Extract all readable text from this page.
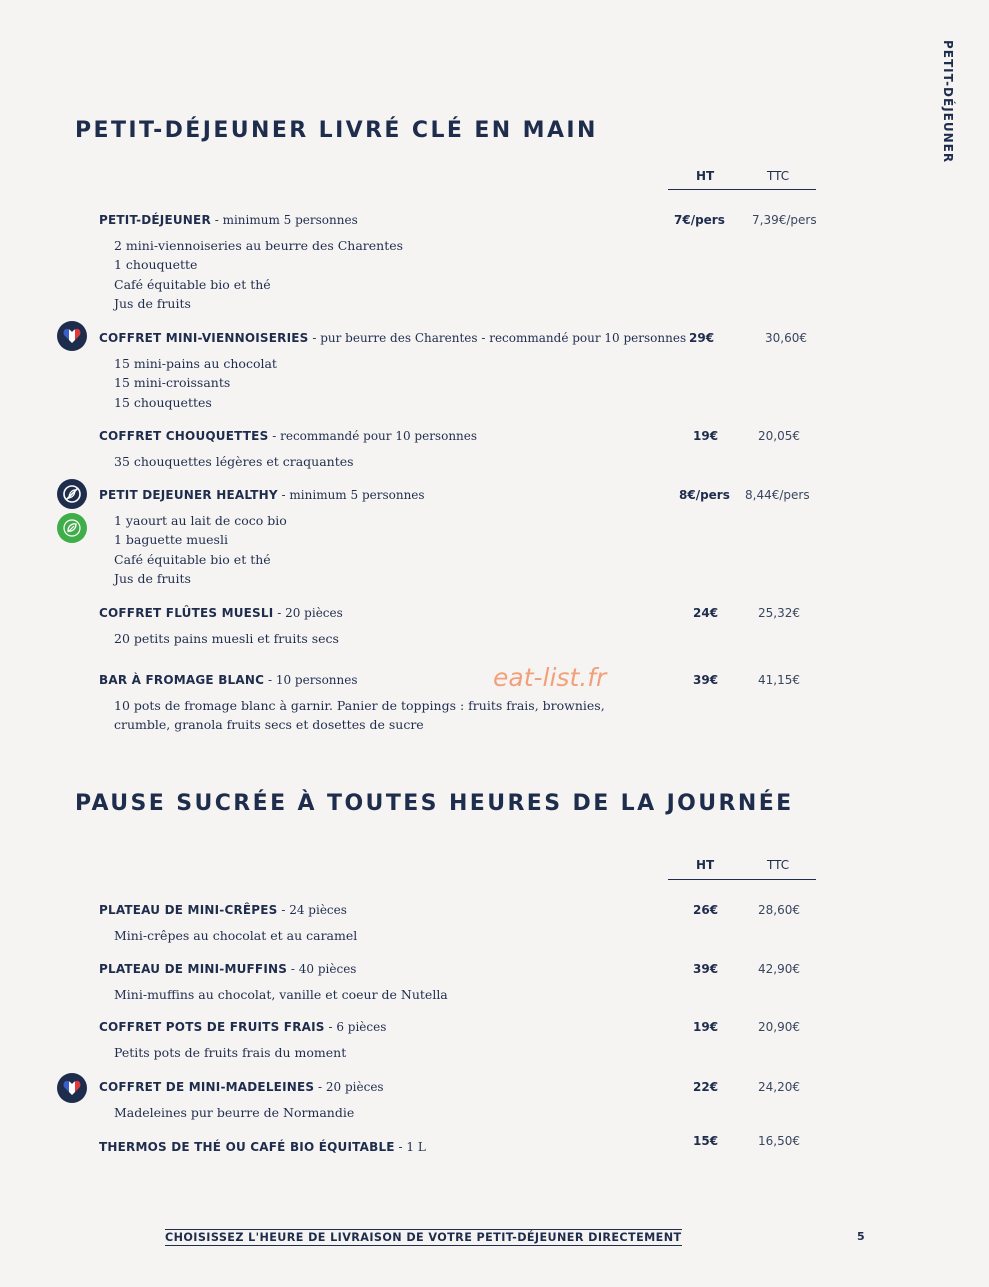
PETIT-DÉJEUNER
PETIT-DÉJEUNER LIVRÉ CLÉ EN MAIN
HT	TTC
PETIT-DÉJEUNER - minimum 5 personnes	7€/pers 7,39€/pers
2 mini-viennoiseries au beurre des Charentes
1 chouquette
Café équitable bio et thé
Jus de fruits
COFFRET MINI-VIENNOISERIES - pur beurre des Charentes - recommandé pour 10 personnes 29€	30,60€
15 mini-pains au chocolat
15 mini-croissants
15 chouquettes
COFFRET CHOUQUETTES - recommandé pour 10 personnes	19€	20,05€
35 chouquettes légères et craquantes
PETIT DEJEUNER HEALTHY - minimum 5 personnes	8€/pers 8,44€/pers
1 yaourt au lait de coco bio
1 baguette muesli
Café équitable bio et thé
Jus de fruits
COFFRET FLÛTES MUESLI - 20 pièces	24€	25,32€
20 petits pains muesli et fruits secs
BAR À FROMAGE BLANC - 10 personnes	39€	41,15€
10 pots de fromage blanc à garnir. Panier de toppings : fruits frais, brownies,
crumble, granola fruits secs et dosettes de sucre
eat-list.fr
PAUSE SUCRÉE À TOUTES HEURES DE LA JOURNÉE
HT	TTC
PLATEAU DE MINI-CRÊPES - 24 pièces	26€	28,60€
Mini-crêpes au chocolat et au caramel
PLATEAU DE MINI-MUFFINS - 40 pièces	39€	42,90€
Mini-muffins au chocolat, vanille et coeur de Nutella
COFFRET POTS DE FRUITS FRAIS - 6 pièces	19€	20,90€
Petits pots de fruits frais du moment
COFFRET DE MINI-MADELEINES - 20 pièces	22€	24,20€
Madeleines pur beurre de Normandie
THERMOS DE THÉ OU CAFÉ BIO ÉQUITABLE - 1 L	15€	16,50€
CHOISISSEZ L'HEURE DE LIVRAISON DE VOTRE PETIT-DÉJEUNER DIRECTEMENT	5
